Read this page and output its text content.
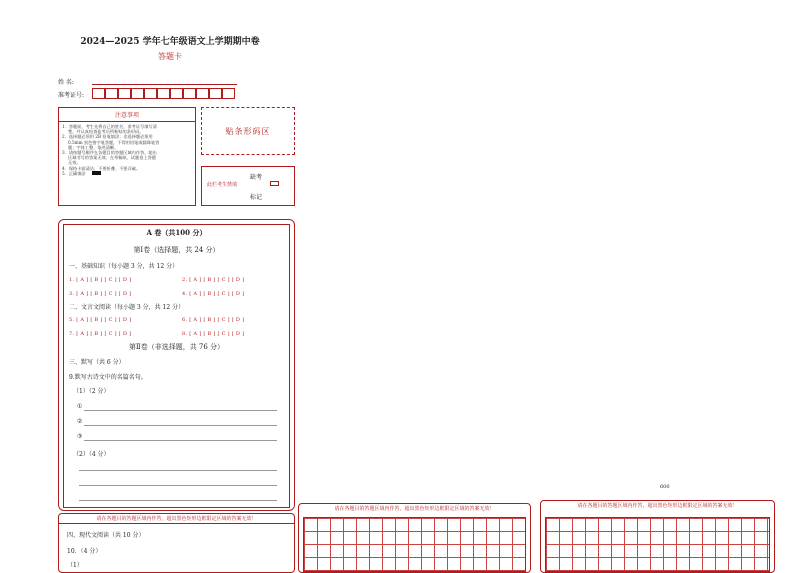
2024—2025 学年七年级语文上学期期中卷
答题卡
姓 名:
准考证号:
注意事项
1．答题前，考生先将自己的姓名，准考证号填写清
楚，并认真检查监考员所粘贴的条形码。
2．选择题必须用 2B 铅笔填涂；非选择题必须用
0.5mm 黑色签字笔答题，不得用铅笔或圆珠笔答
题；字体工整、笔迹清晰。
3．请按题号顺序在各题目的答题区域内作答，超出
区域书写的答案无效；在草稿纸、试题卷上答题
无效。
4．保持卡面清洁，不要折叠、不要弄破。
5．正确填涂
贴条形码区
缺考
此栏考生禁填
标记
A 卷（共100 分）
第Ⅰ卷（选择题，共 24 分）
一、基础知识（每小题 3 分，共 12 分）
1. [ A ] [ B ] [ C ] [ D ]	2. [ A ] [ B ] [ C ] [ D ]
3. [ A ] [ B ] [ C ] [ D ]	4. [ A ] [ B ] [ C ] [ D ]
二、文言文阅读（每小题 3 分，共 12 分）
5. [ A ] [ B ] [ C ] [ D ]	6. [ A ] [ B ] [ C ] [ D ]
7. [ A ] [ B ] [ C ] [ D ]	8. [ A ] [ B ] [ C ] [ D ]
第Ⅱ卷（非选择题，共 76 分）
三、默写（共 6 分）
9.默写古诗文中的名篇名句。
（1）（2 分）
①
②
③
（2）（4 分）
请在各题目的答题区域内作答，超出黑色矩形边框限定区域的答案无效！
四、现代文阅读（共 10 分）
10．（4 分）
（1）
请在各题目的答题区域内作答，超出黑色矩形边框限定区域的答案无效！
600
请在各题目的答题区域内作答，超出黑色矩形边框限定区域的答案无效！
